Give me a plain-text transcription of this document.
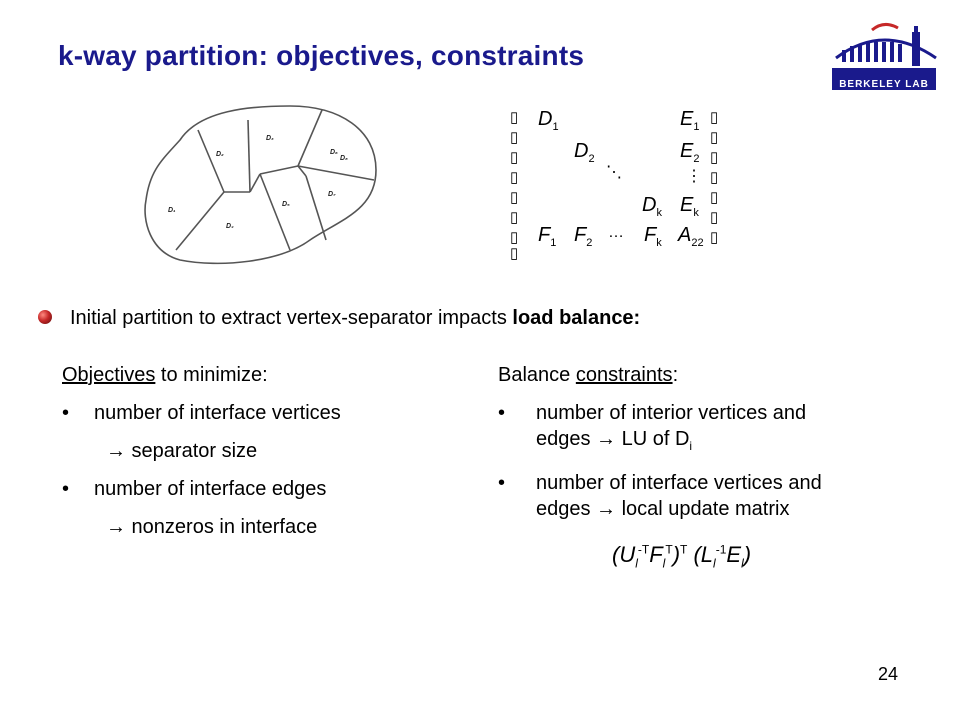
k-way partition: objectives, constraints
BERKELEY LAB
D₁
D₂
D₃
D₄
D₅
D₆
D₇
D₈
▯
▯
▯
▯
▯
▯
▯
▯
▯
▯
▯
▯
▯
▯
▯
$D_1$
$D_2$
⋱
$D_k$
$E_1$
$E_2$
⋮
$E_k$
$F_1$ $F_2$
… $F_k$ $A_{22}$
Initial partition to extract vertex-separator impacts load balance:
Objectives to minimize:
• number of interface vertices
→ separator size
• number of interface edges
→ nonzeros in interface
Balance constraints:
• number of interior vertices and
edges → LU of $D_i$
• number of interface vertices and
edges → local update matrix
$(U_l^{-T}F_l^T)^T$ $(L_l^{-1}E_l)$
24
